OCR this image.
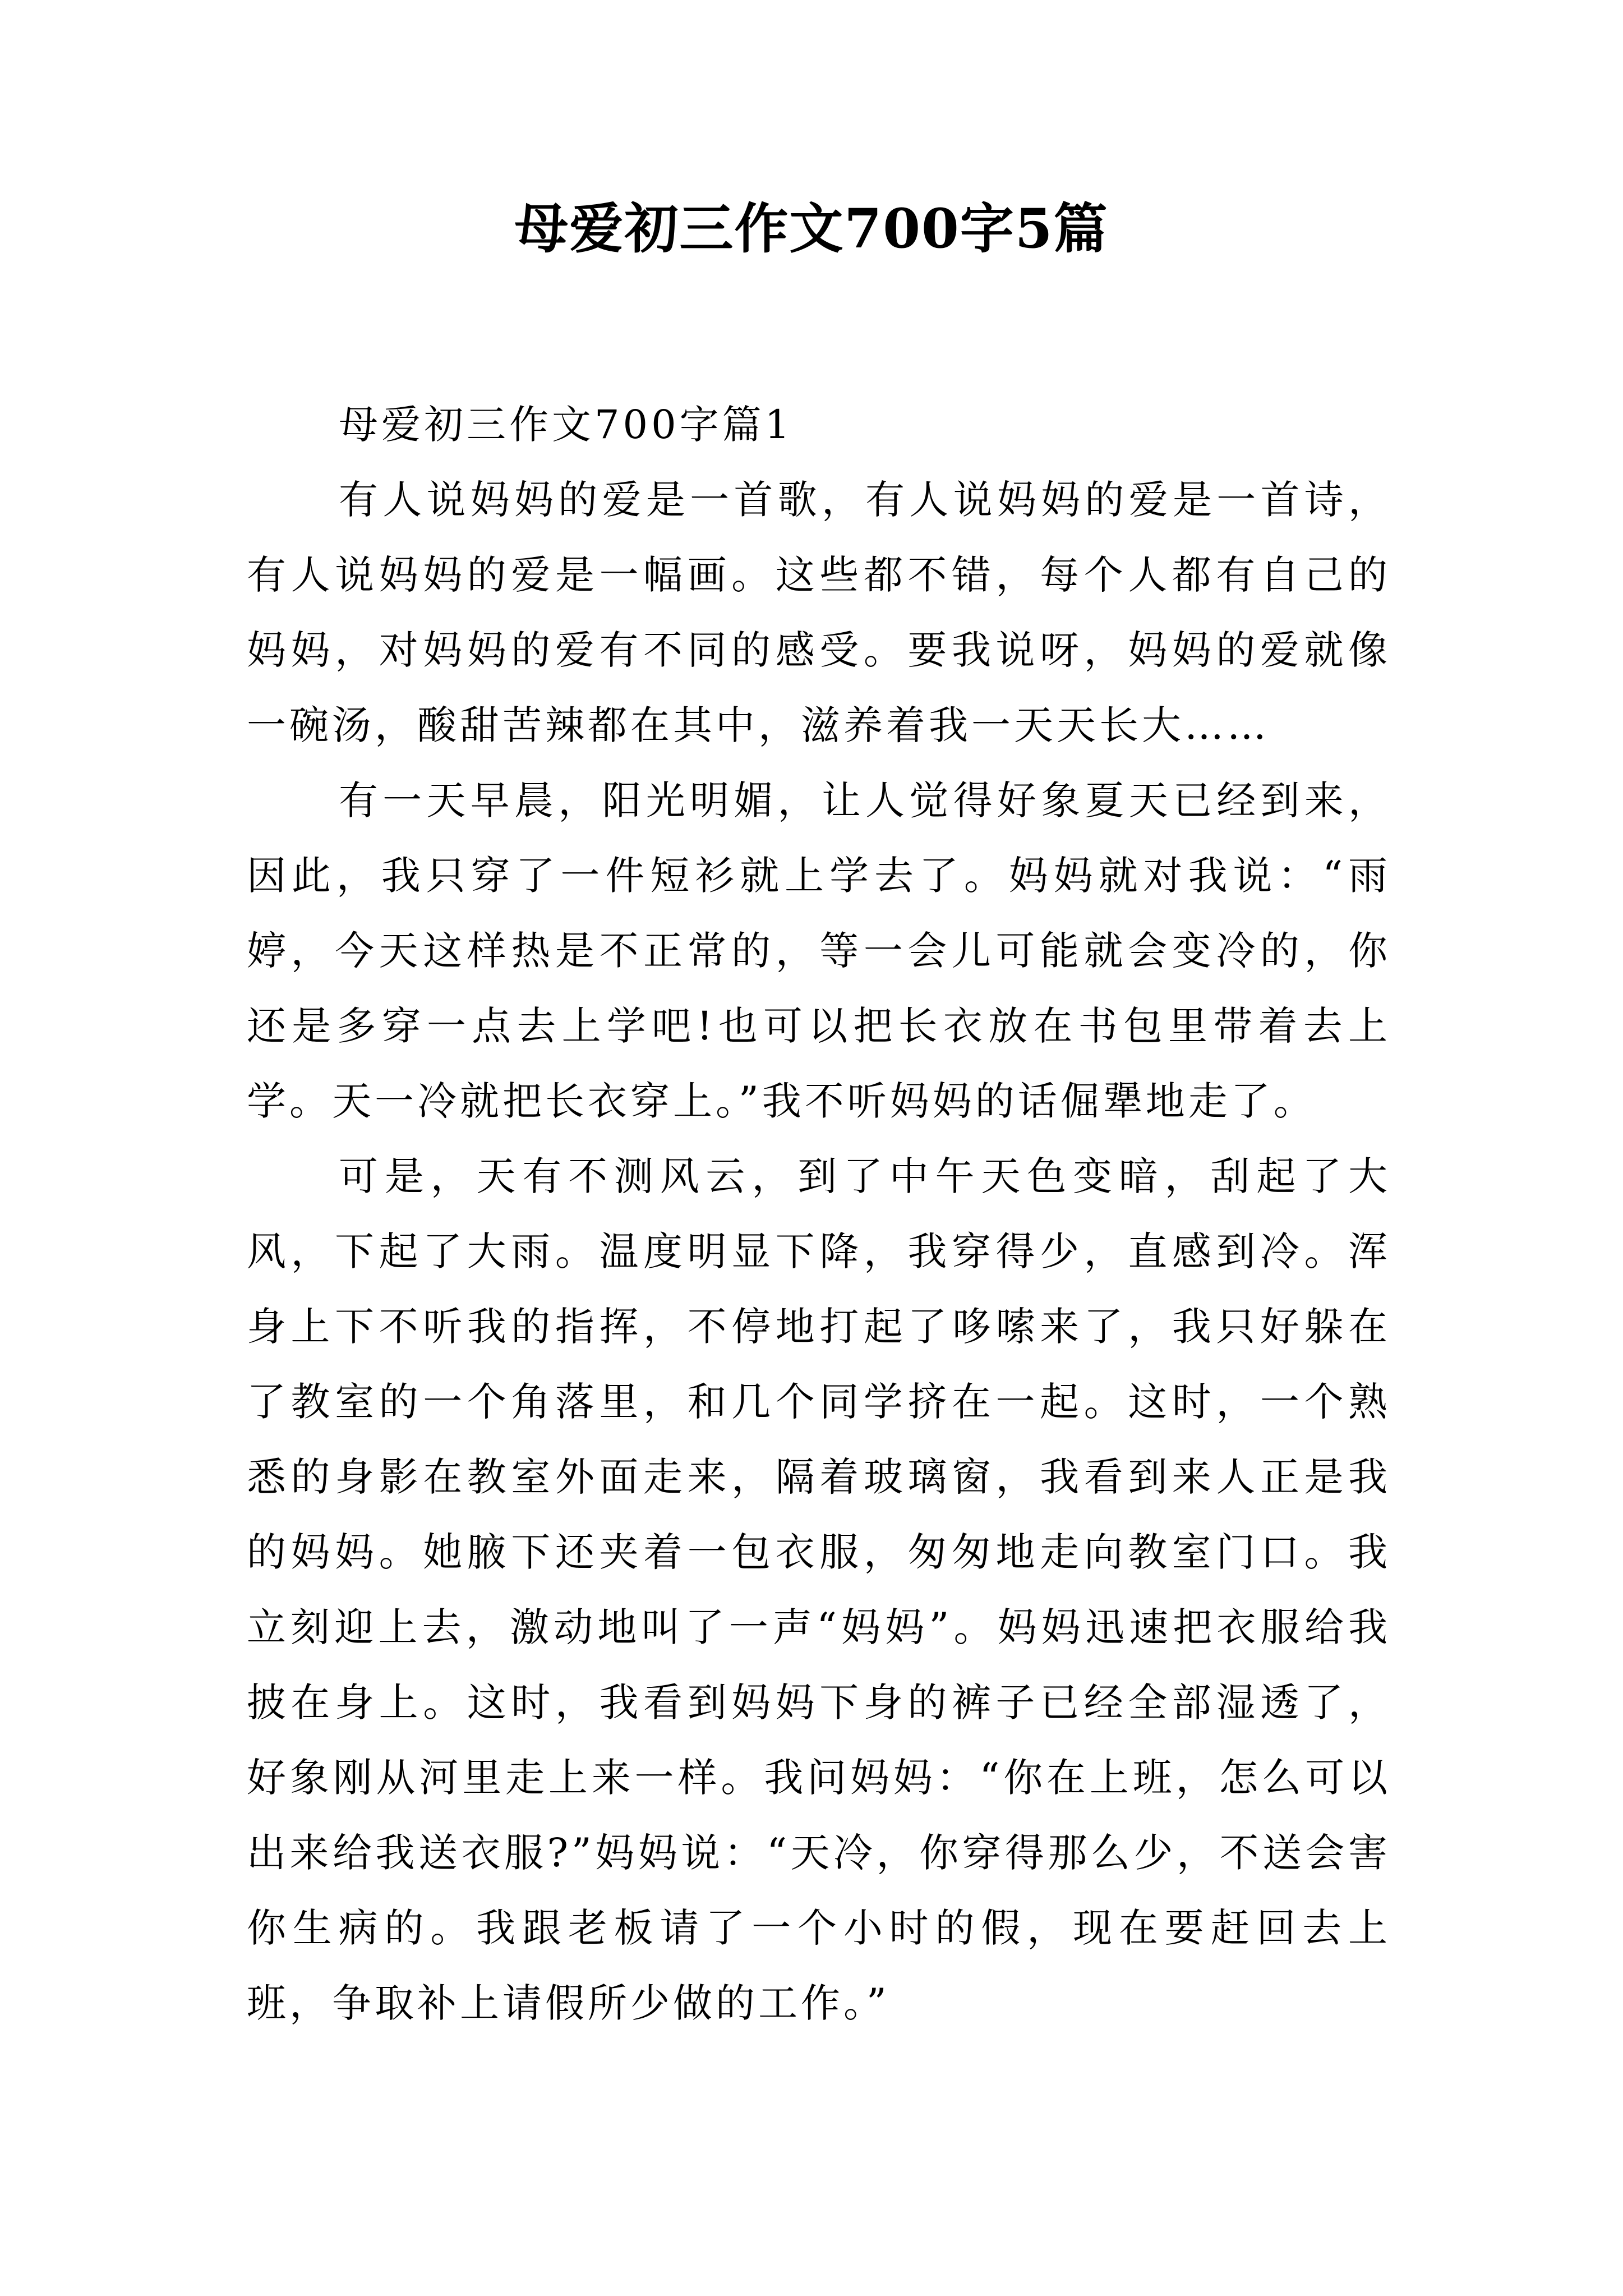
母爱初三作文700字5篇

母爱初三作文700字篇1

有人说妈妈的爱是一首歌，有人说妈妈的爱是一首诗，有人说妈妈的爱是一幅画。这些都不错，每个人都有自己的妈妈，对妈妈的爱有不同的感受。要我说呀，妈妈的爱就像一碗汤，酸甜苦辣都在其中，滋养着我一天天长大……

有一天早晨，阳光明媚，让人觉得好象夏天已经到来，因此，我只穿了一件短衫就上学去了。妈妈就对我说：“雨婷，今天这样热是不正常的，等一会儿可能就会变冷的，你还是多穿一点去上学吧!也可以把长衣放在书包里带着去上学。天一冷就把长衣穿上。”我不听妈妈的话倔犟地走了。

可是，天有不测风云，到了中午天色变暗，刮起了大风，下起了大雨。温度明显下降，我穿得少，直感到冷。浑身上下不听我的指挥，不停地打起了哆嗦来了，我只好躲在了教室的一个角落里，和几个同学挤在一起。这时，一个熟悉的身影在教室外面走来，隔着玻璃窗，我看到来人正是我的妈妈。她腋下还夹着一包衣服，匆匆地走向教室门口。我立刻迎上去，激动地叫了一声“妈妈”。妈妈迅速把衣服给我披在身上。这时，我看到妈妈下身的裤子已经全部湿透了，好象刚从河里走上来一样。我问妈妈：“你在上班，怎么可以出来给我送衣服?”妈妈说：“天冷，你穿得那么少，不送会害你生病的。我跟老板请了一个小时的假，现在要赶回去上班，争取补上请假所少做的工作。”
